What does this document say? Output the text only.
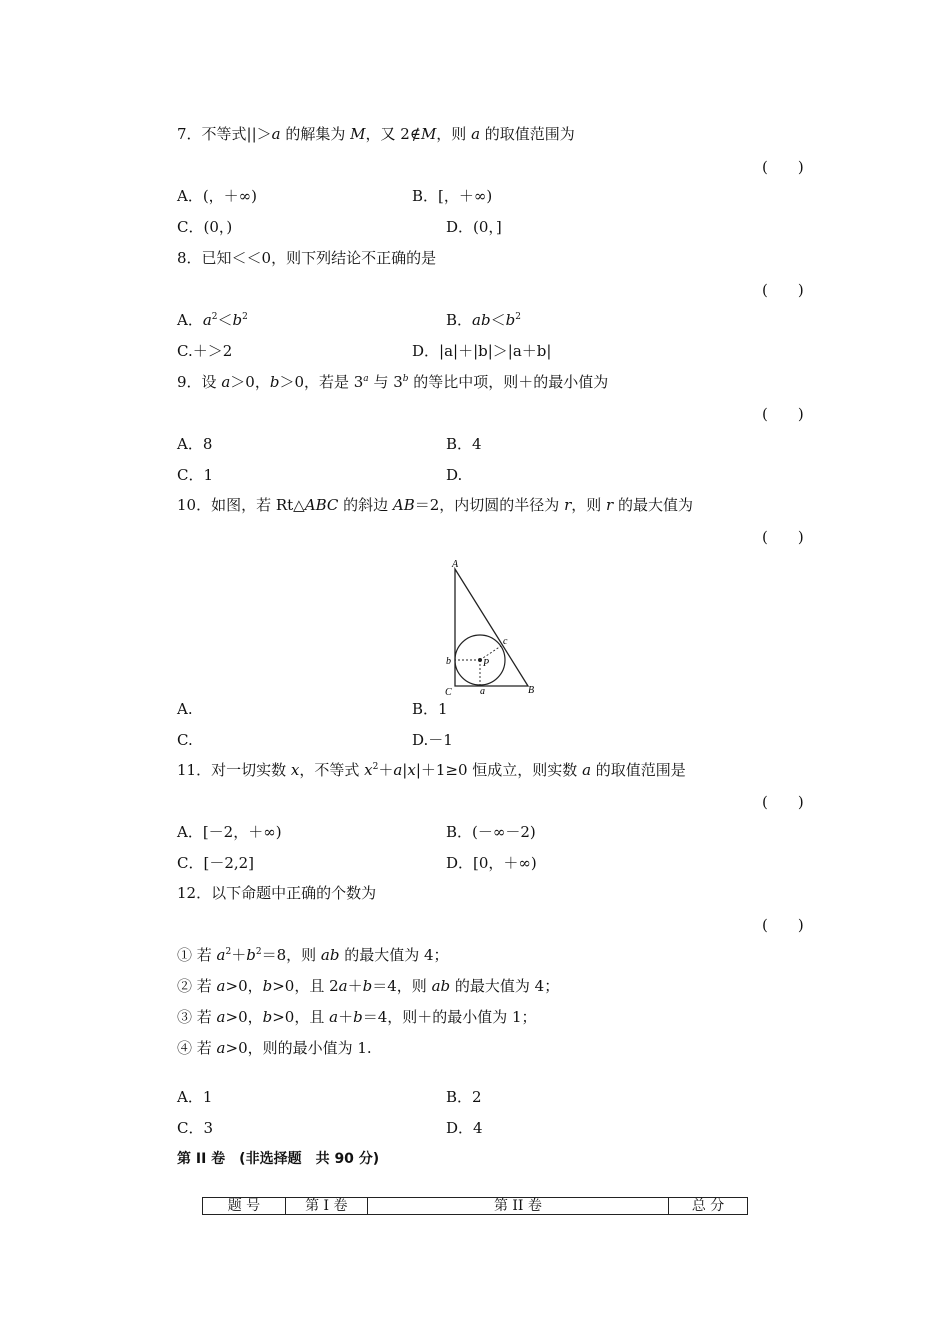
7．不等式||＞a 的解集为 M，又 2∉M，则 a 的取值范围为
(　　)
A．(，＋∞)	B．[，＋∞)
C．(0，)	D．(0，]
8．已知＜＜0，则下列结论不正确的是
(　　)
A．$a^2<b^2$	B．$ab<b^2$
C.＋＞2	D．|a|＋|b|＞|a＋b|
9．设 a＞0，b＞0，若是 3$^a$ 与 3$^b$ 的等比中项，则＋的最小值为
(　　)
A．8	B．4
C．1	D.
10．如图，若 Rt△ABC 的斜边 AB＝2，内切圆的半径为 r，则 r 的最大值为
(　　)
A
B
C
P
a
b
c
A.	B．1
C.	D.－1
11．对一切实数 x，不等式 $x^2+a|x|+1\ge 0$ 恒成立，则实数 a 的取值范围是
(　　)
A．[－2，＋∞)	B．(－∞－2)
C．[－2,2]	D．[0，＋∞)
12．以下命题中正确的个数为
(　　)
① 若 $a^2+b^2=8$，则 ab 的最大值为 4；
② 若 a>0，b>0，且 2a＋b＝4，则 ab 的最大值为 4；
③ 若 a>0，b>0，且 a＋b＝4，则＋的最小值为 1；
④ 若 a>0，则的最小值为 1.
A．1	B．2
C．3	D．4
第 II 卷　(非选择题　共 90 分)
题 号	第 I 卷	第 II 卷	总 分
